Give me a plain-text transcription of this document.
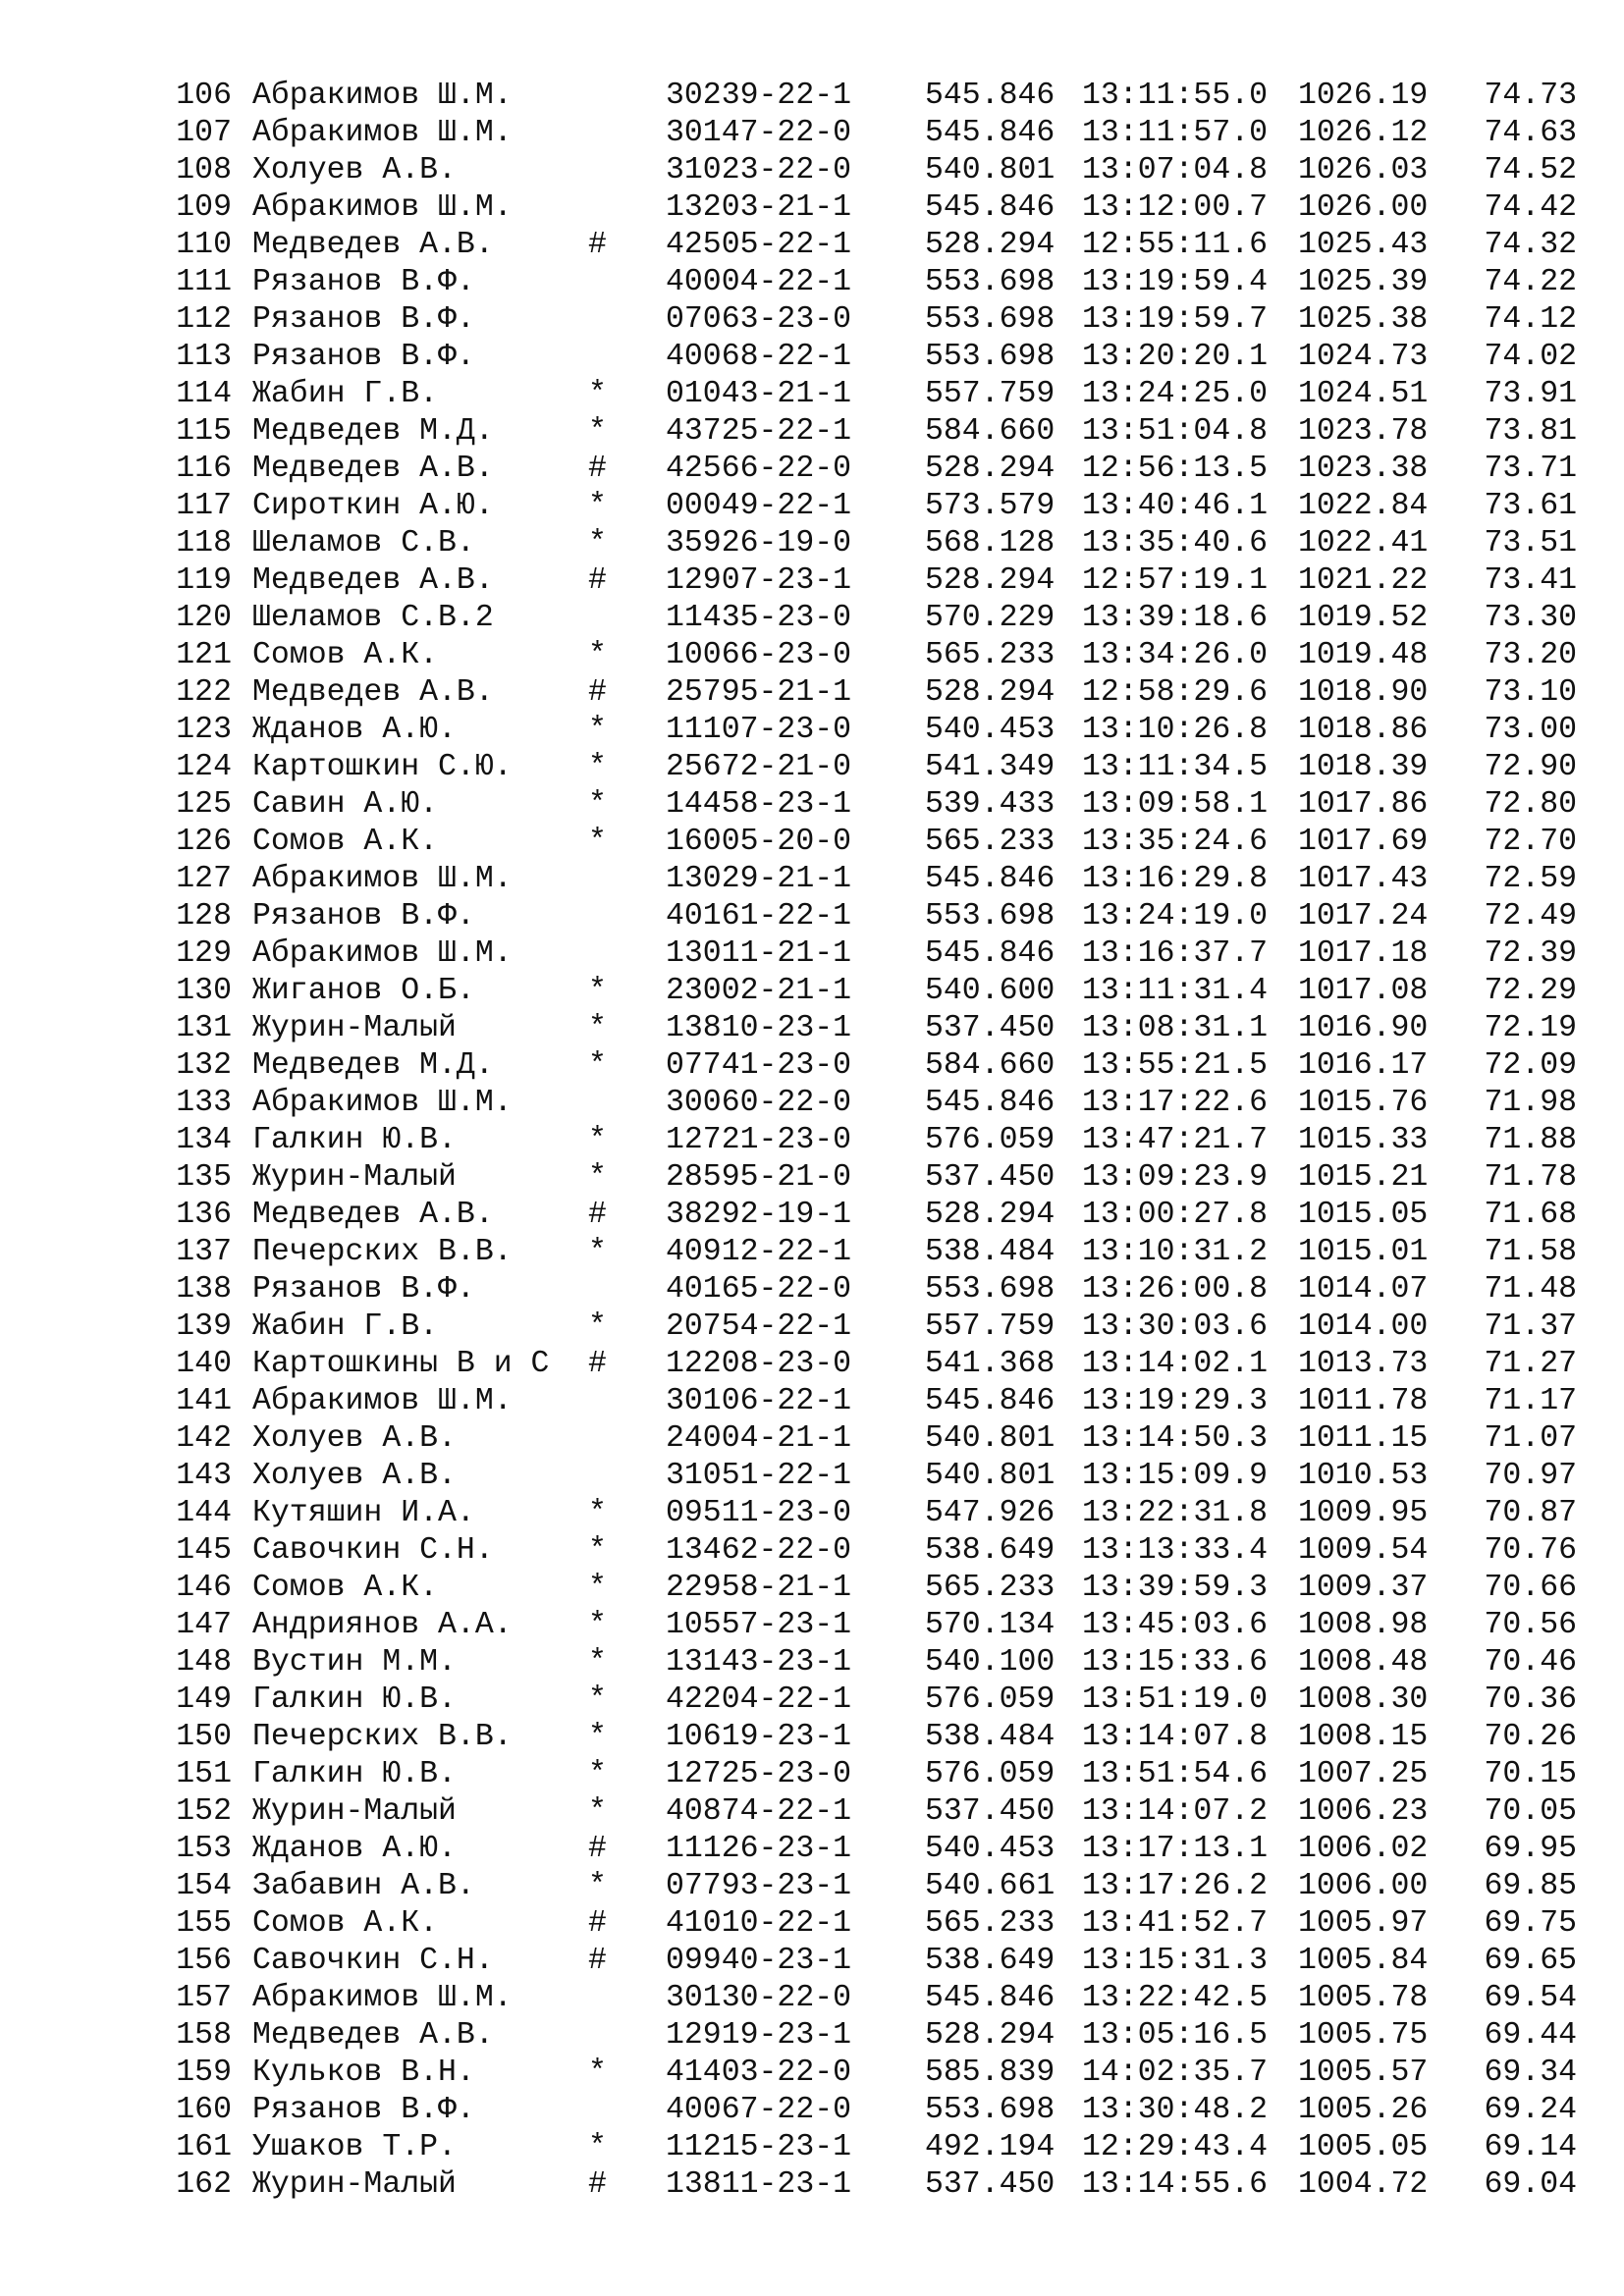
106 Абракимов Ш.М.	30239-22-1 545.846 13:11:55.0 1026.19	74.73
107 Абракимов Ш.М.	30147-22-0 545.846 13:11:57.0 1026.12	74.63
108 Холуев А.В.	31023-22-0 540.801 13:07:04.8 1026.03	74.52
109 Абракимов Ш.М.	13203-21-1 545.846 13:12:00.7 1026.00	74.42
110 Медведев А.В.	# 42505-22-1 528.294 12:55:11.6 1025.43	74.32
111 Рязанов В.Ф.	40004-22-1 553.698 13:19:59.4 1025.39	74.22
112 Рязанов В.Ф.	07063-23-0 553.698 13:19:59.7 1025.38	74.12
113 Рязанов В.Ф.	40068-22-1 553.698 13:20:20.1 1024.73	74.02
114 Жабин Г.В.	* 01043-21-1 557.759 13:24:25.0 1024.51	73.91
115 Медведев М.Д.	* 43725-22-1 584.660 13:51:04.8 1023.78	73.81
116 Медведев А.В.	# 42566-22-0 528.294 12:56:13.5 1023.38	73.71
117 Сироткин А.Ю.	* 00049-22-1 573.579 13:40:46.1 1022.84	73.61
118 Шеламов С.В.	* 35926-19-0 568.128 13:35:40.6 1022.41	73.51
119 Медведев А.В.	# 12907-23-1 528.294 12:57:19.1 1021.22	73.41
120 Шеламов С.В.2	11435-23-0 570.229 13:39:18.6 1019.52	73.30
121 Сомов А.К.	* 10066-23-0 565.233 13:34:26.0 1019.48	73.20
122 Медведев А.В.	# 25795-21-1 528.294 12:58:29.6 1018.90	73.10
123 Жданов А.Ю.	* 11107-23-0 540.453 13:10:26.8 1018.86	73.00
124 Картошкин С.Ю. * 25672-21-0 541.349 13:11:34.5 1018.39	72.90
125 Савин А.Ю.	* 14458-23-1 539.433 13:09:58.1 1017.86	72.80
126 Сомов А.К.	* 16005-20-0 565.233 13:35:24.6 1017.69	72.70
127 Абракимов Ш.М.	13029-21-1 545.846 13:16:29.8 1017.43	72.59
128 Рязанов В.Ф.	40161-22-1 553.698 13:24:19.0 1017.24	72.49
129 Абракимов Ш.М.	13011-21-1 545.846 13:16:37.7 1017.18	72.39
130 Жиганов О.Б.	* 23002-21-1 540.600 13:11:31.4 1017.08	72.29
131 Журин-Малый	* 13810-23-1 537.450 13:08:31.1 1016.90	72.19
132 Медведев М.Д.	* 07741-23-0 584.660 13:55:21.5 1016.17	72.09
133 Абракимов Ш.М.	30060-22-0 545.846 13:17:22.6 1015.76	71.98
134 Галкин Ю.В.	* 12721-23-0 576.059 13:47:21.7 1015.33	71.88
135 Журин-Малый	* 28595-21-0 537.450 13:09:23.9 1015.21	71.78
136 Медведев А.В.	# 38292-19-1 528.294 13:00:27.8 1015.05	71.68
137 Печерских В.В. * 40912-22-1 538.484 13:10:31.2 1015.01	71.58
138 Рязанов В.Ф.	40165-22-0 553.698 13:26:00.8 1014.07	71.48
139 Жабин Г.В.	* 20754-22-1 557.759 13:30:03.6 1014.00	71.37
140 Картошкины В и С # 12208-23-0 541.368 13:14:02.1 1013.73	71.27
141 Абракимов Ш.М.	30106-22-1 545.846 13:19:29.3 1011.78	71.17
142 Холуев А.В.	24004-21-1 540.801 13:14:50.3 1011.15	71.07
143 Холуев А.В.	31051-22-1 540.801 13:15:09.9 1010.53	70.97
144 Кутяшин И.А.	* 09511-23-0 547.926 13:22:31.8 1009.95	70.87
145 Савочкин С.Н.	* 13462-22-0 538.649 13:13:33.4 1009.54	70.76
146 Сомов А.К.	* 22958-21-1 565.233 13:39:59.3 1009.37	70.66
147 Андриянов А.А. * 10557-23-1 570.134 13:45:03.6 1008.98	70.56
148 Вустин М.М.	* 13143-23-1 540.100 13:15:33.6 1008.48	70.46
149 Галкин Ю.В.	* 42204-22-1 576.059 13:51:19.0 1008.30	70.36
150 Печерских В.В. * 10619-23-1 538.484 13:14:07.8 1008.15	70.26
151 Галкин Ю.В.	* 12725-23-0 576.059 13:51:54.6 1007.25	70.15
152 Журин-Малый	* 40874-22-1 537.450 13:14:07.2 1006.23	70.05
153 Жданов А.Ю.	# 11126-23-1 540.453 13:17:13.1 1006.02	69.95
154 Забавин А.В.	* 07793-23-1 540.661 13:17:26.2 1006.00	69.85
155 Сомов А.К.	# 41010-22-1 565.233 13:41:52.7 1005.97	69.75
156 Савочкин С.Н.	# 09940-23-1 538.649 13:15:31.3 1005.84	69.65
157 Абракимов Ш.М.	30130-22-0 545.846 13:22:42.5 1005.78	69.54
158 Медведев А.В.	12919-23-1 528.294 13:05:16.5 1005.75	69.44
159 Кульков В.Н.	* 41403-22-0 585.839 14:02:35.7 1005.57	69.34
160 Рязанов В.Ф.	40067-22-0 553.698 13:30:48.2 1005.26	69.24
161 Ушаков Т.Р.	* 11215-23-1 492.194 12:29:43.4 1005.05	69.14
162 Журин-Малый	# 13811-23-1 537.450 13:14:55.6 1004.72	69.04
